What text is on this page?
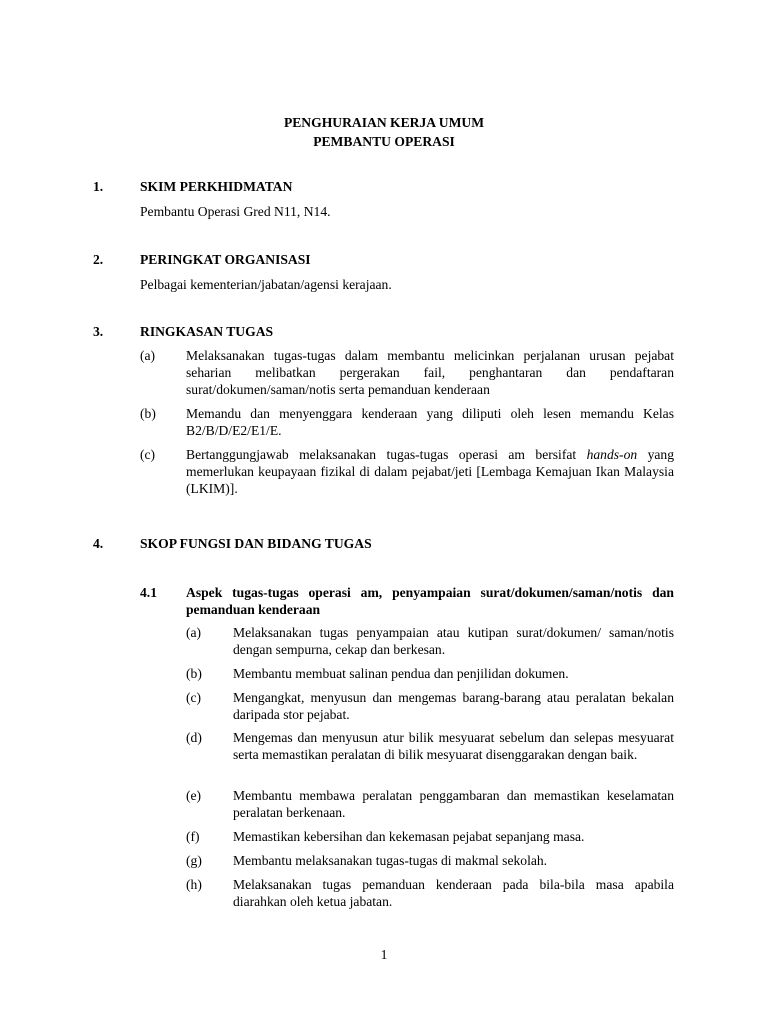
PENGHURAIAN KERJA UMUM
PEMBANTU OPERASI
1.	SKIM PERKHIDMATAN
Pembantu Operasi Gred N11, N14.
2.	PERINGKAT ORGANISASI
Pelbagai kementerian/jabatan/agensi kerajaan.
3.	RINGKASAN TUGAS
(a) Melaksanakan tugas-tugas dalam membantu melicinkan perjalanan urusan pejabat seharian melibatkan pergerakan fail, penghantaran dan pendaftaran surat/dokumen/saman/notis serta pemanduan kenderaan
(b) Memandu dan menyenggara kenderaan yang diliputi oleh lesen memandu Kelas B2/B/D/E2/E1/E.
(c) Bertanggungjawab melaksanakan tugas-tugas operasi am bersifat hands-on yang memerlukan keupayaan fizikal di dalam pejabat/jeti [Lembaga Kemajuan Ikan Malaysia (LKIM)].
4.	SKOP FUNGSI DAN BIDANG TUGAS
4.1 Aspek tugas-tugas operasi am, penyampaian surat/dokumen/saman/notis dan pemanduan kenderaan
(a) Melaksanakan tugas penyampaian atau kutipan surat/dokumen/ saman/notis dengan sempurna, cekap dan berkesan.
(b) Membantu membuat salinan pendua dan penjilidan dokumen.
(c) Mengangkat, menyusun dan mengemas barang-barang atau peralatan bekalan daripada stor pejabat.
(d) Mengemas dan menyusun atur bilik mesyuarat sebelum dan selepas mesyuarat serta memastikan peralatan di bilik mesyuarat disenggarakan dengan baik.
(e) Membantu membawa peralatan penggambaran dan memastikan keselamatan peralatan berkenaan.
(f) Memastikan kebersihan dan kekemasan pejabat sepanjang masa.
(g) Membantu melaksanakan tugas-tugas di makmal sekolah.
(h) Melaksanakan tugas pemanduan kenderaan pada bila-bila masa apabila diarahkan oleh ketua jabatan.
1
